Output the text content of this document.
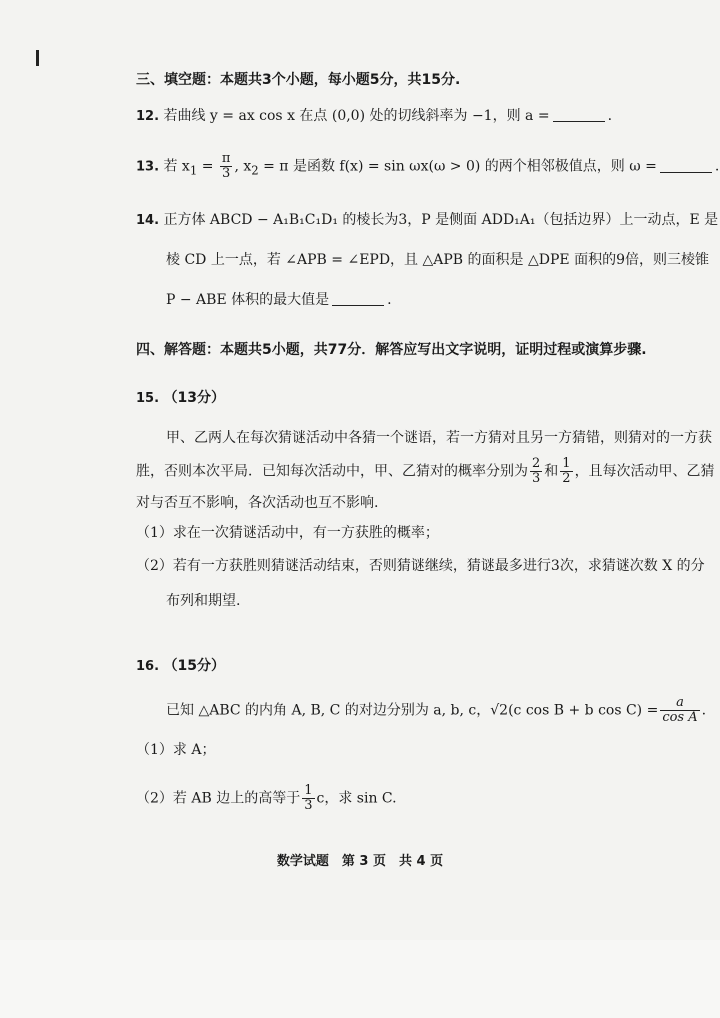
三、填空题：本题共3个小题，每小题5分，共15分.
12. 若曲线 y = ax cos x 在点 (0,0) 处的切线斜率为 −1，则 a =	.
13. 若 $x_1 = \frac{\pi}{3}$ , $x_2 = \pi$ 是函数 f(x) = sin ωx(ω > 0) 的两个相邻极值点，则 ω =	.
14. 正方体 ABCD − A₁B₁C₁D₁ 的棱长为3，P 是侧面 ADD₁A₁（包括边界）上一动点，E 是
棱 CD 上一点，若 ∠APB = ∠EPD，且 △APB 的面积是 △DPE 面积的9倍，则三棱锥
P − ABE 体积的最大值是	.
四、解答题：本题共5小题，共77分．解答应写出文字说明，证明过程或演算步骤.
15. （13分）
甲、乙两人在每次猜谜活动中各猜一个谜语，若一方猜对且另一方猜错，则猜对的一方获
胜，否则本次平局．已知每次活动中，甲、乙猜对的概率分别为 $\frac{2}{3}$ 和 $\frac{1}{2}$ ，且每次活动甲、乙猜
对与否互不影响，各次活动也互不影响.
（1）求在一次猜谜活动中，有一方获胜的概率；
（2）若有一方获胜则猜谜活动结束，否则猜谜继续，猜谜最多进行3次，求猜谜次数 X 的分
布列和期望.
16. （15分）
已知 △ABC 的内角 A, B, C 的对边分别为 a, b, c，√2(c cos B + b $\cos C) = \frac{a}{\text{cos A}}$ .
（1）求 A；
（2）若 AB 边上的高等于 $\frac{1}{3}$ c，求 sin C.
数学试题　第 3 页　共 4 页
